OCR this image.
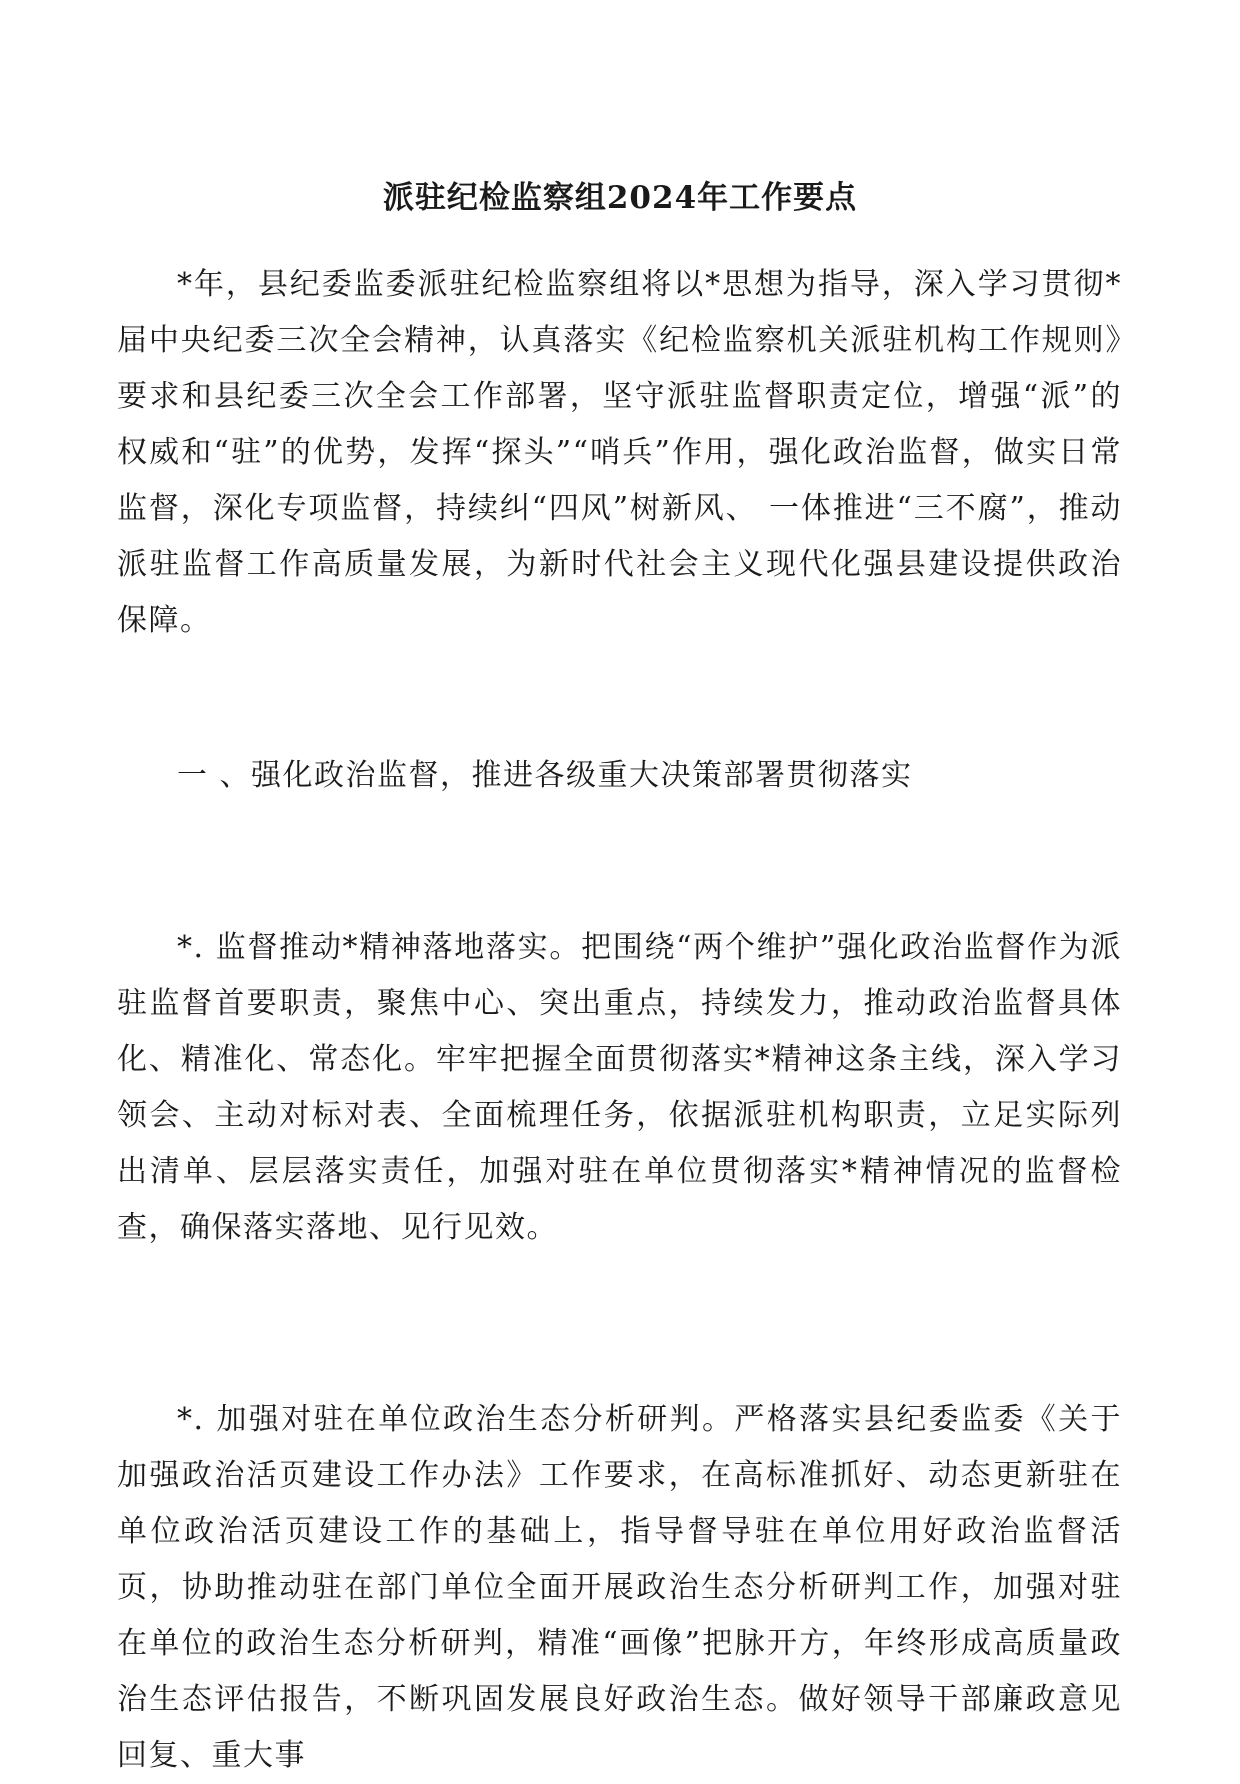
派驻纪检监察组2024年工作要点

*年，县纪委监委派驻纪检监察组将以*思想为指导，深入学习贯彻*届中央纪委三次全会精神，认真落实《纪检监察机关派驻机构工作规则》要求和县纪委三次全会工作部署，坚守派驻监督职责定位，增强“派”的权威和“驻”的优势，发挥“探头”“哨兵”作用，强化政治监督，做实日常监督，深化专项监督，持续纠“四风”树新风、 一体推进“三不腐”，推动派驻监督工作高质量发展，为新时代社会主义现代化强县建设提供政治保障。

一 、强化政治监督，推进各级重大决策部署贯彻落实

*. 监督推动*精神落地落实。把围绕“两个维护”强化政治监督作为派驻监督首要职责，聚焦中心、突出重点，持续发力，推动政治监督具体化、精准化、常态化。牢牢把握全面贯彻落实*精神这条主线，深入学习领会、主动对标对表、全面梳理任务，依据派驻机构职责，立足实际列出清单、层层落实责任，加强对驻在单位贯彻落实*精神情况的监督检查，确保落实落地、见行见效。

*. 加强对驻在单位政治生态分析研判。严格落实县纪委监委《关于加强政治活页建设工作办法》工作要求，在高标准抓好、动态更新驻在单位政治活页建设工作的基础上，指导督导驻在单位用好政治监督活页，协助推动驻在部门单位全面开展政治生态分析研判工作，加强对驻在单位的政治生态分析研判，精准“画像”把脉开方，年终形成高质量政治生态评估报告，不断巩固发展良好政治生态。做好领导干部廉政意见回复、重大事
